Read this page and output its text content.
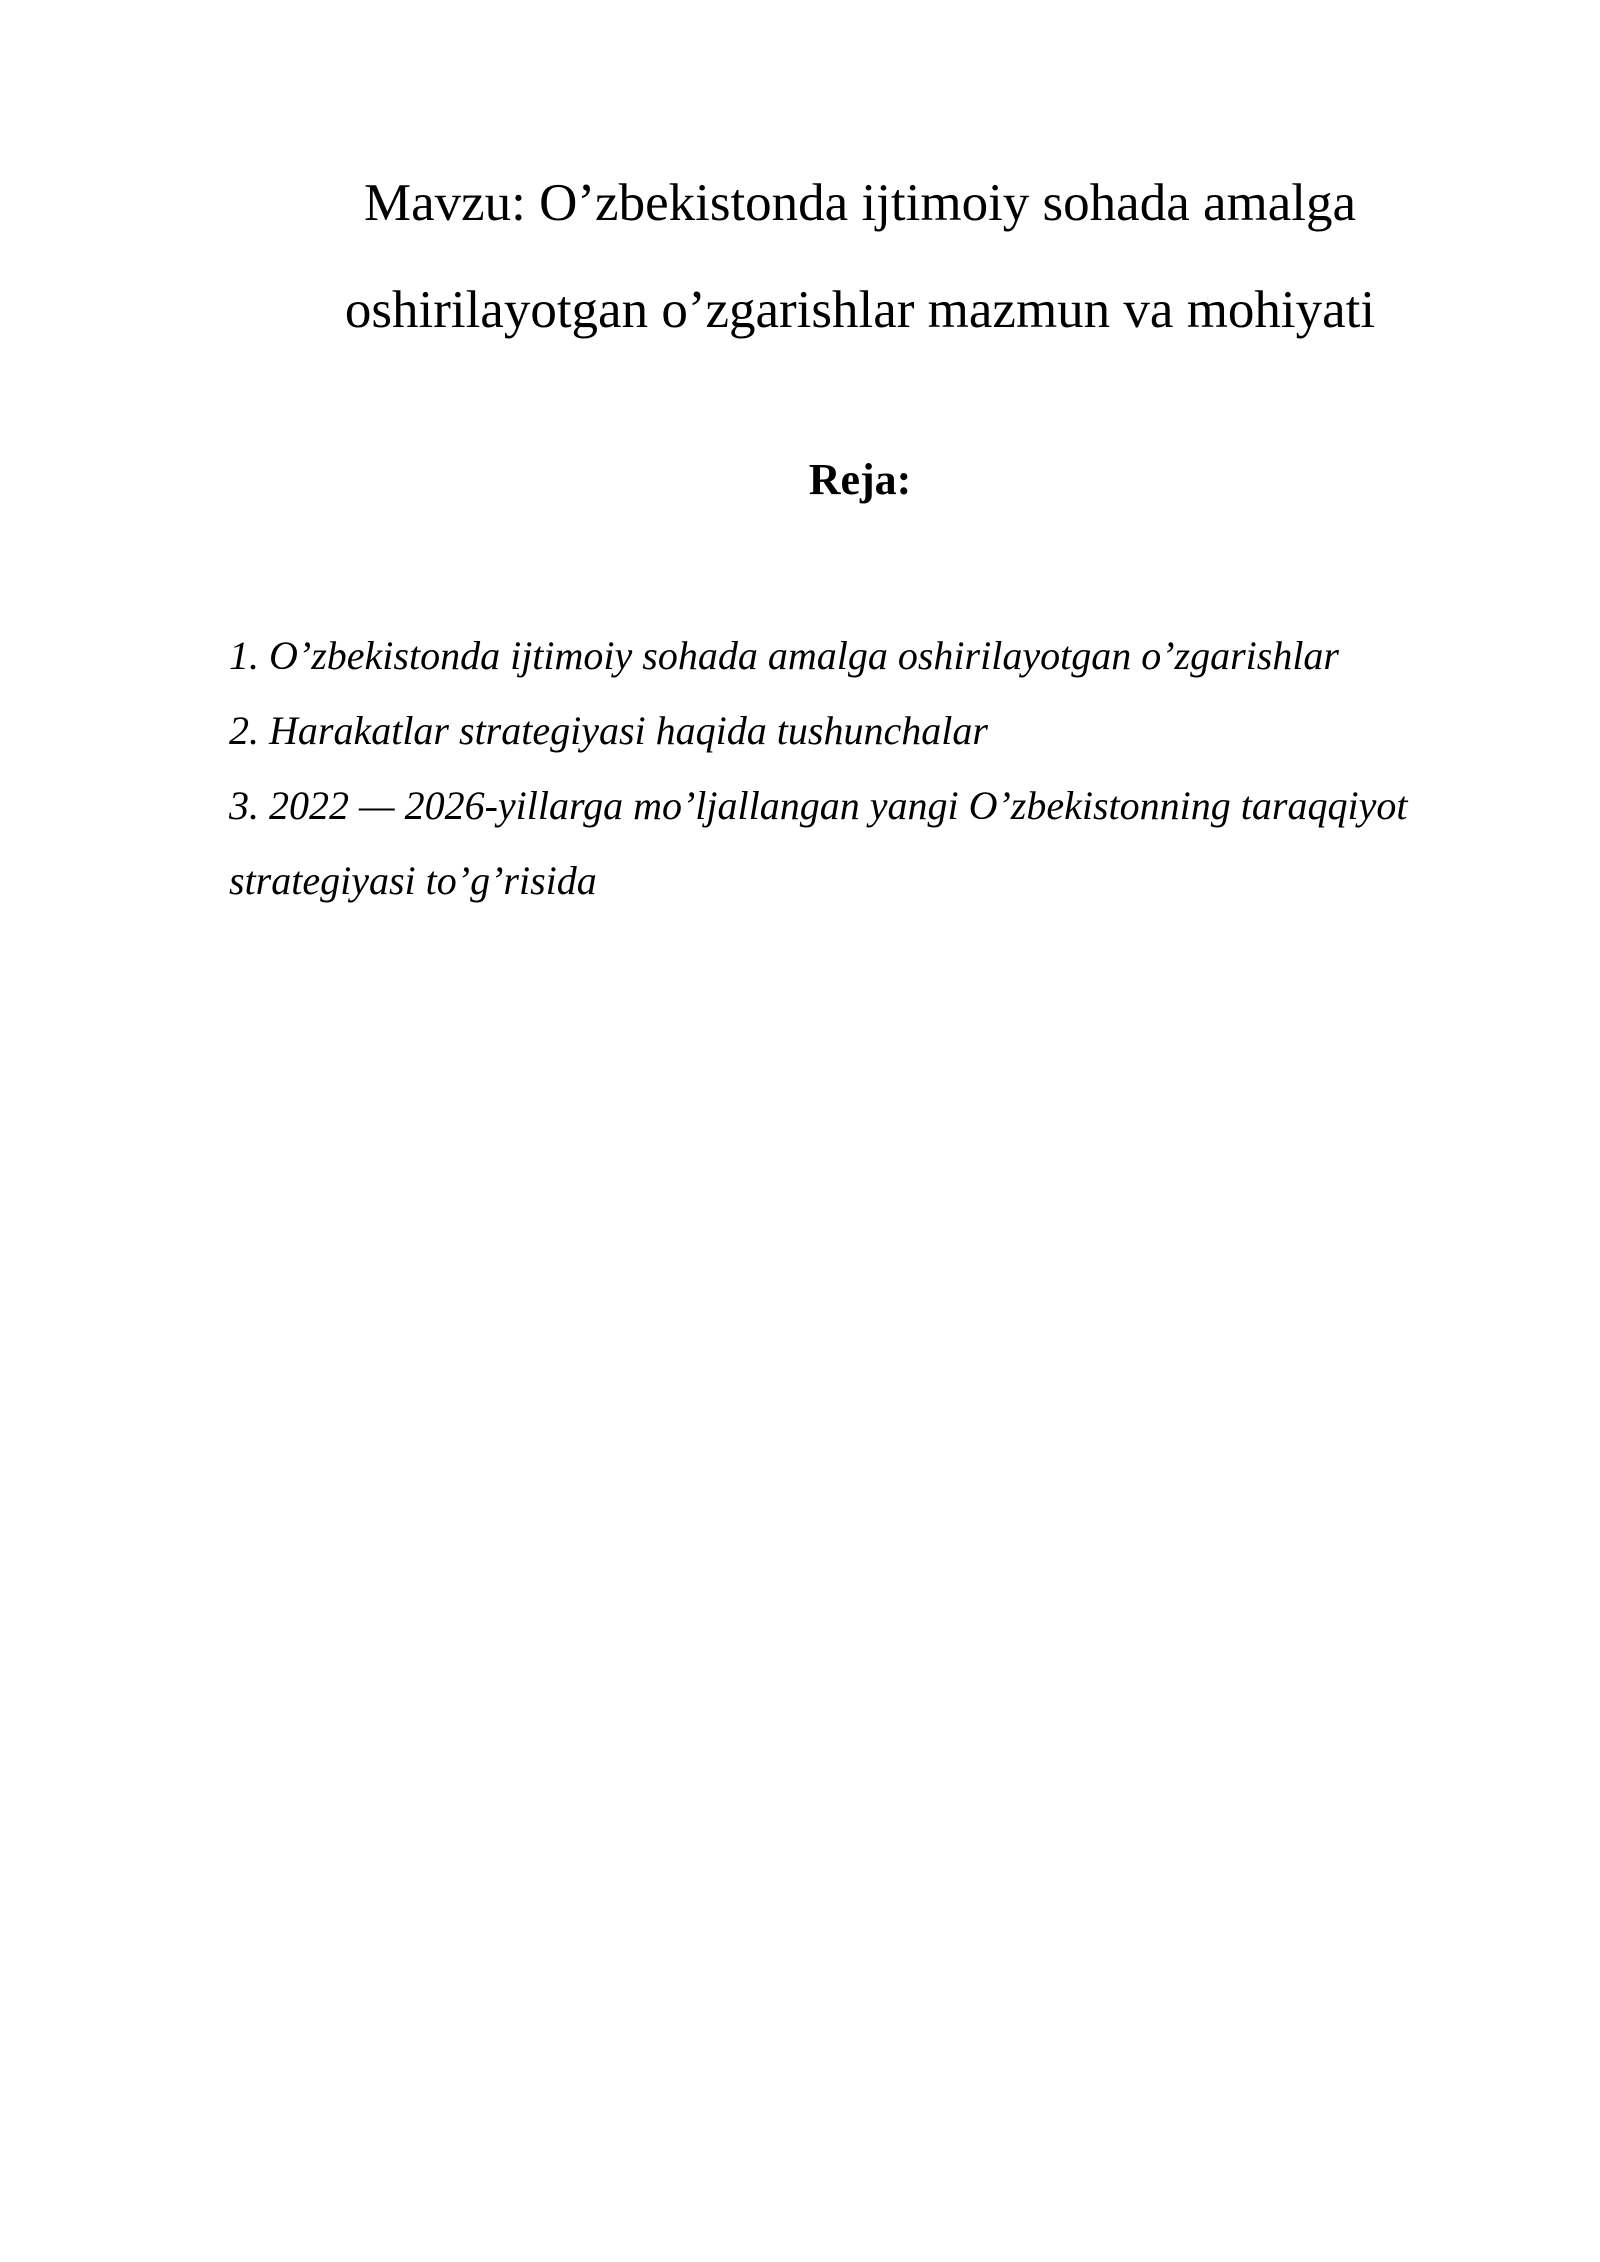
Mavzu: O’zbekistonda ijtimoiy sohada amalga
oshirilayotgan o’zgarishlar mazmun va mohiyati
Reja:
1. O’zbekistonda ijtimoiy sohada amalga oshirilayotgan o’zgarishlar
2. Harakatlar strategiyasi haqida tushunchalar
3. 2022 — 2026-yillarga mo’ljallangan yangi O’zbekistonning taraqqiyot
strategiyasi to’g’risida
